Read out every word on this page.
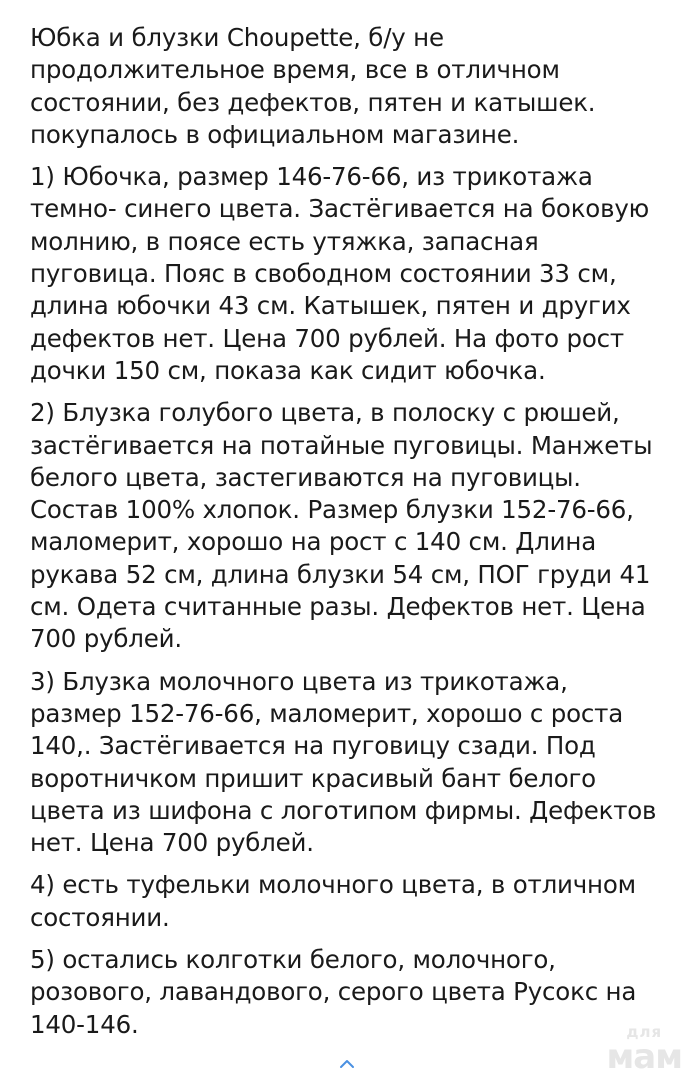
Юбка и блузки Choupette, б/у не
продолжительное время, все в отличном
состоянии, без дефектов, пятен и катышек.
покупалось в официальном магазине.

1) Юбочка, размер 146-76-66, из трикотажа
темно- синего цвета. Застёгивается на боковую
молнию, в поясе есть утяжка, запасная
пуговица. Пояс в свободном состоянии 33 см,
длина юбочки 43 см. Катышек, пятен и других
дефектов нет. Цена 700 рублей. На фото рост
дочки 150 см, показа как сидит юбочка.

2) Блузка голубого цвета, в полоску с рюшей,
застёгивается на потайные пуговицы. Манжеты
белого цвета, застегиваются на пуговицы.
Состав 100% хлопок. Размер блузки 152-76-66,
маломерит, хорошо на рост с 140 см. Длина
рукава 52 см, длина блузки 54 см, ПОГ груди 41
см. Одета считанные разы. Дефектов нет. Цена
700 рублей.

3) Блузка молочного цвета из трикотажа,
размер 152-76-66, маломерит, хорошо с роста
140,. Застёгивается на пуговицу сзади. Под
воротничком пришит красивый бант белого
цвета из шифона с логотипом фирмы. Дефектов
нет. Цена 700 рублей.

4) есть туфельки молочного цвета, в отличном
состоянии.

5) остались колготки белого, молочного,
розового, лавандового, серого цвета Русокс на
140-146.	для
мам
